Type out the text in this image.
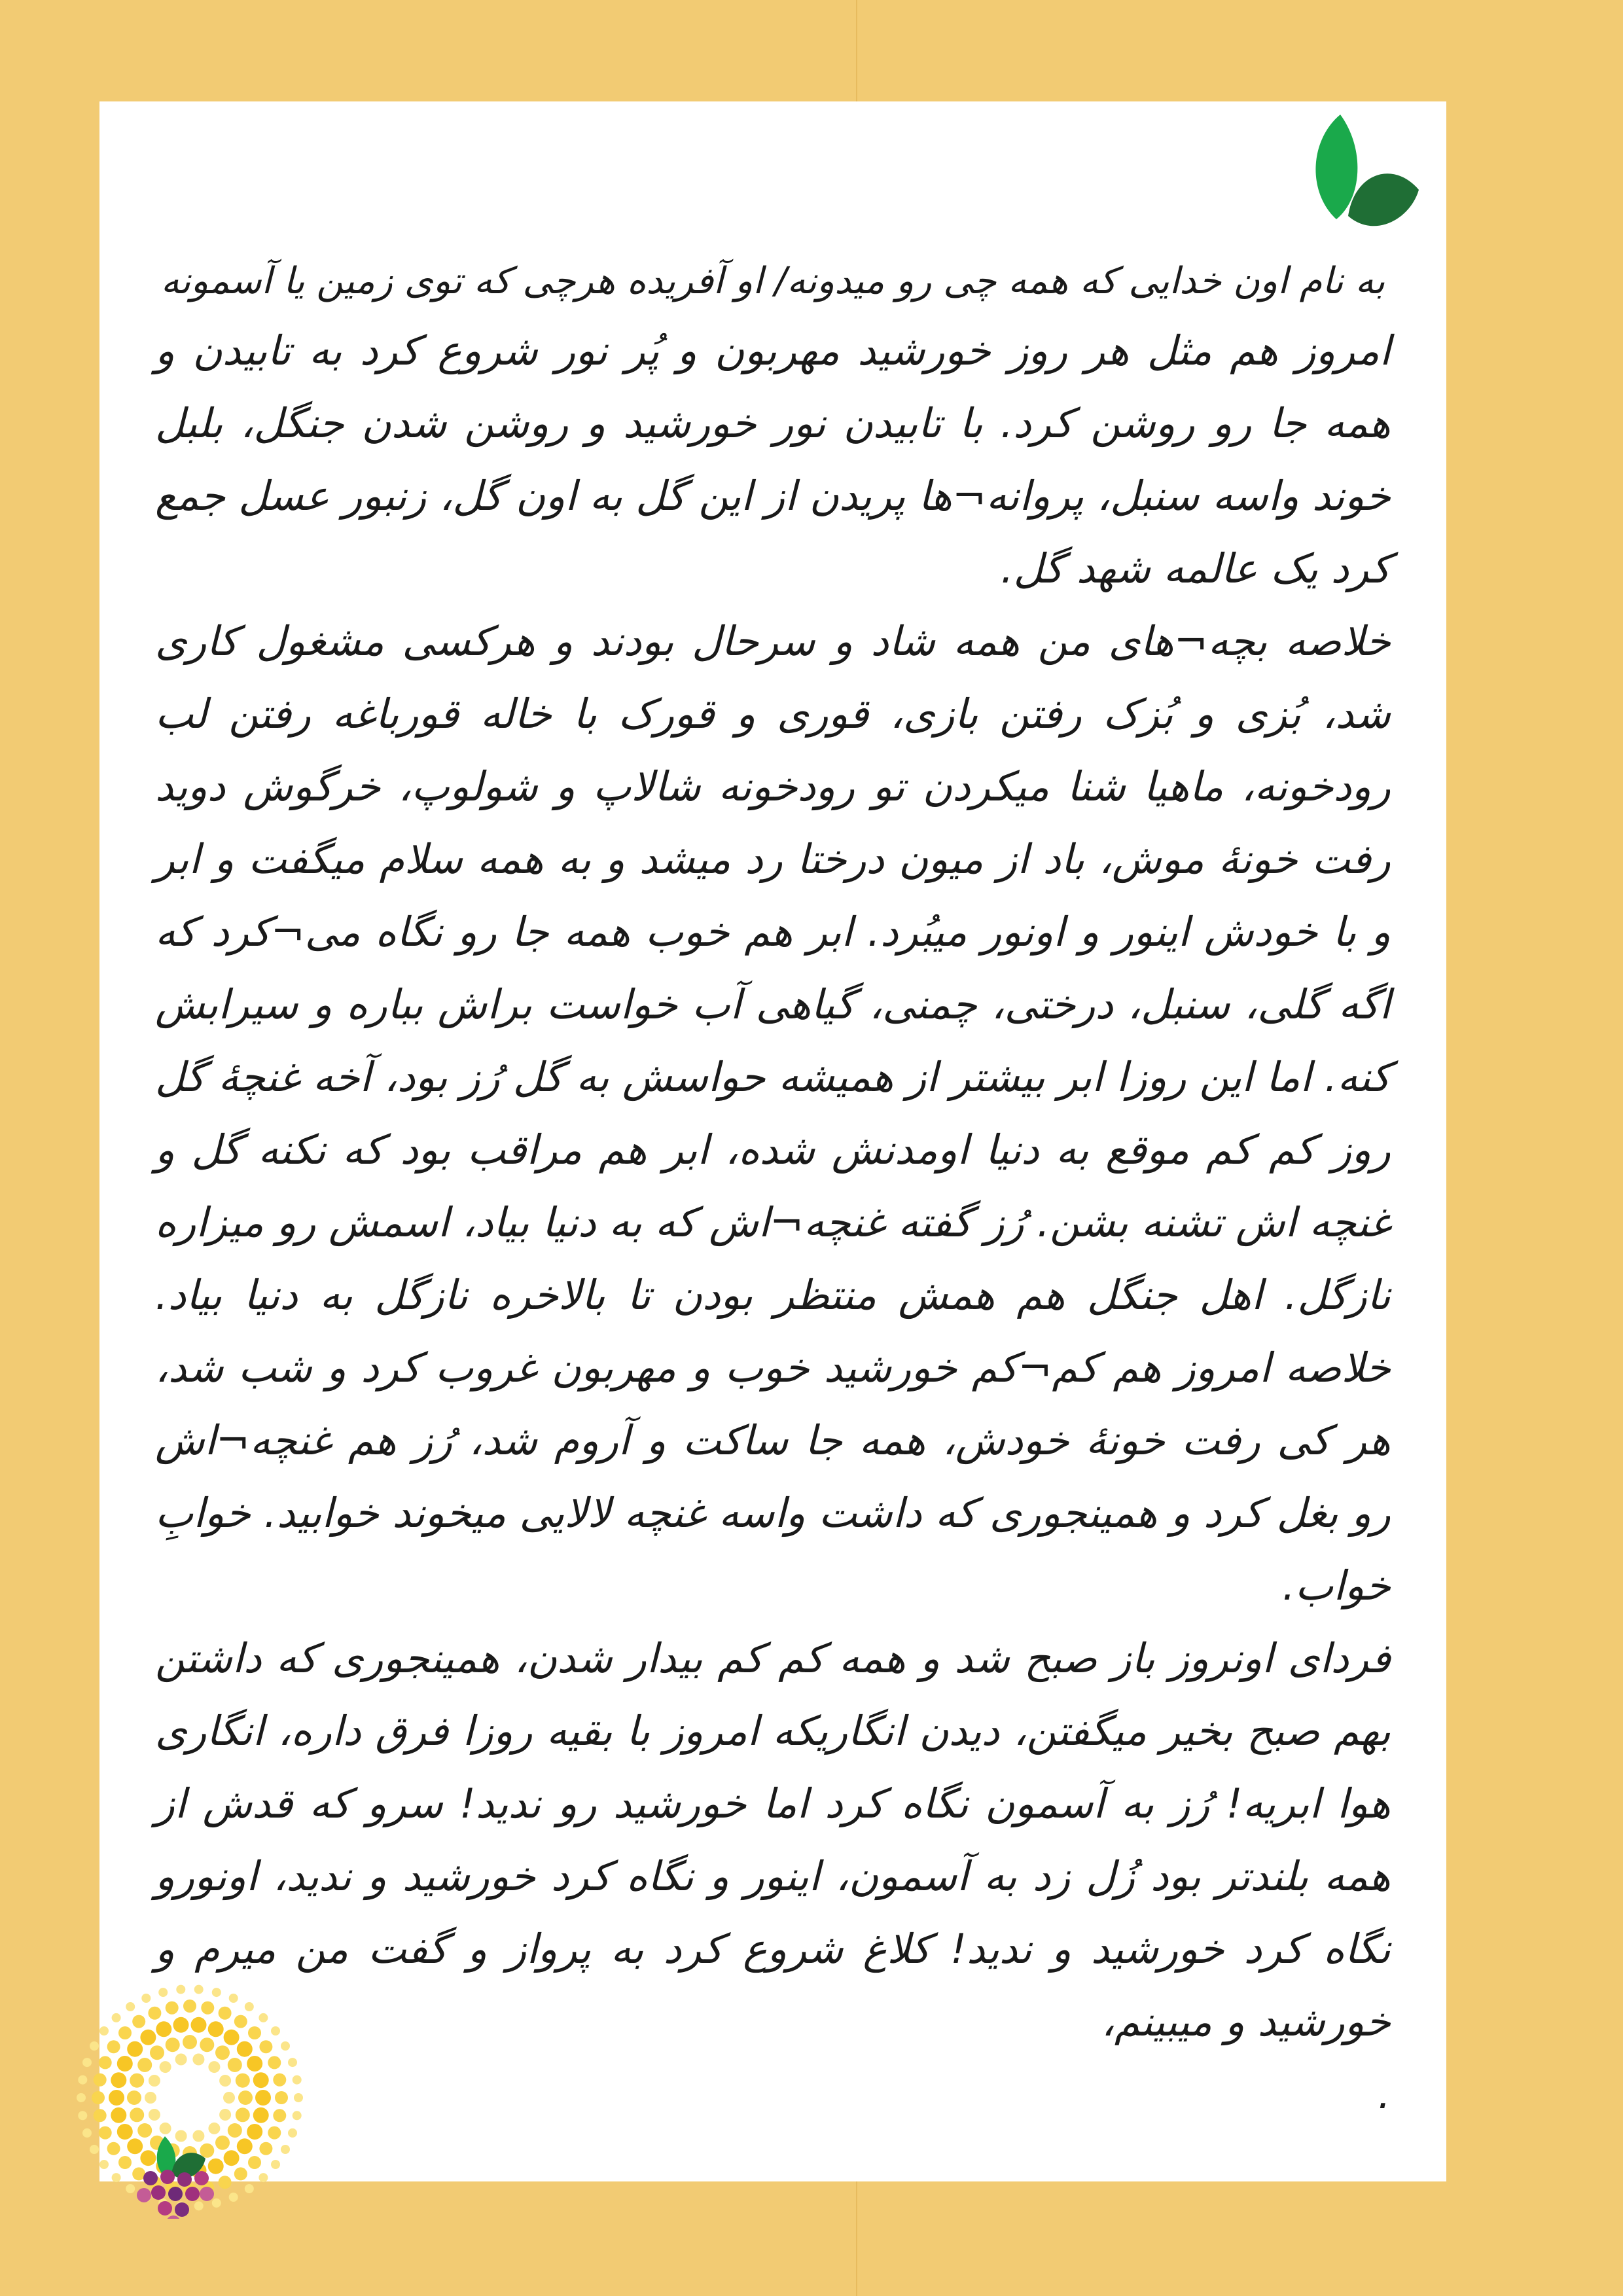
به نام اون خدایی که همه چی رو میدونه/ او آفریده هرچی که توی زمین یا آسمونه

امروز هم مثل هر روز خورشید مهربون و پُر نور شروع کرد به تابیدن و همه جا رو روشن کرد. با تابیدن نور خورشید و روشن شدن جنگل، بلبل خوند واسه سنبل، پروانه¬ها پریدن از این گل به اون گل، زنبور عسل جمع کرد یک عالمه شهد گل.

خلاصه بچه¬های من همه شاد و سرحال بودند و هرکسی مشغول کاری شد، بُزی و بُزک رفتن بازی، قوری و قورک با خاله قورباغه رفتن لب رودخونه، ماهیا شنا میکردن تو رودخونه شالاپ و شولوپ، خرگوش دوید رفت خونۀ موش، باد از میون درختا رد میشد و به همه سلام میگفت و ابر و با خودش اینور و اونور میبُرد. ابر هم خوب همه جا رو نگاه می¬کرد که اگه گلی، سنبل، درختی، چمنی، گیاهی آب خواست براش بباره و سیرابش کنه. اما این روزا ابر بیشتر از همیشه حواسش به گل رُز بود، آخه غنچۀ گل روز کم کم موقع به دنیا اومدنش شده، ابر هم مراقب بود که نکنه گل و غنچه اش تشنه بشن. رُز گفته غنچه¬اش که به دنیا بیاد، اسمش رو میزاره نازگل. اهل جنگل هم همش منتظر بودن تا بالاخره نازگل به دنیا بیاد. خلاصه امروز هم کم¬کم خورشید خوب و مهربون غروب کرد و شب شد، هر کی رفت خونۀ خودش، همه جا ساکت و آروم شد، رُز هم غنچه¬اش رو بغل کرد و همینجوری که داشت واسه غنچه لالایی میخوند خوابید. خوابِ خواب.

فردای اونروز باز صبح شد و همه کم کم بیدار شدن، همینجوری که داشتن بهم صبح بخیر میگفتن، دیدن انگاریکه امروز با بقیه روزا فرق داره، انگاری هوا ابریه! رُز به آسمون نگاه کرد اما خورشید رو ندید! سرو که قدش از همه بلندتر بود زُل زد به آسمون، اینور و نگاه کرد خورشید و ندید، اونورو نگاه کرد خورشید و ندید! کلاغ شروع کرد به پرواز و گفت من میرم و خورشید و میبینم،

.
